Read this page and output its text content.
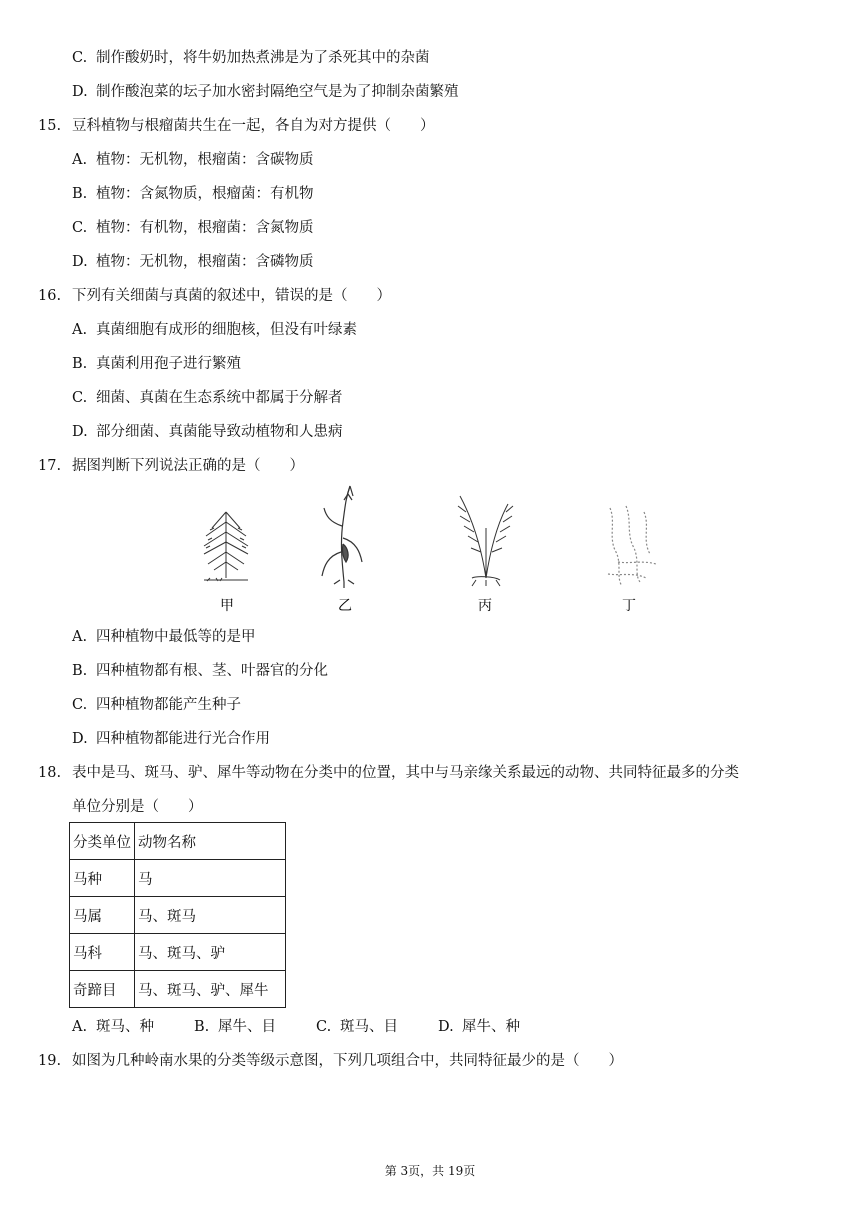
C. 制作酸奶时，将牛奶加热煮沸是为了杀死其中的杂菌
D. 制作酸泡菜的坛子加水密封隔绝空气是为了抑制杂菌繁殖
15. 豆科植物与根瘤菌共生在一起，各自为对方提供（　　）
A. 植物：无机物，根瘤菌：含碳物质
B. 植物：含氮物质，根瘤菌：有机物
C. 植物：有机物，根瘤菌：含氮物质
D. 植物：无机物，根瘤菌：含磷物质
16. 下列有关细菌与真菌的叙述中，错误的是（　　）
A. 真菌细胞有成形的细胞核，但没有叶绿素
B. 真菌利用孢子进行繁殖
C. 细菌、真菌在生态系统中都属于分解者
D. 部分细菌、真菌能导致动植物和人患病
17. 据图判断下列说法正确的是（　　）
甲	乙	丙	丁
A. 四种植物中最低等的是甲
B. 四种植物都有根、茎、叶器官的分化
C. 四种植物都能产生种子
D. 四种植物都能进行光合作用
18. 表中是马、斑马、驴、犀牛等动物在分类中的位置，其中与马亲缘关系最远的动物、共同特征最多的分类
单位分别是（　　）
分类单位	动物名称
马种	马
马属	马、斑马
马科	马、斑马、驴
奇蹄目	马、斑马、驴、犀牛
A. 斑马、种	B. 犀牛、目	C. 斑马、目	D. 犀牛、种
19. 如图为几种岭南水果的分类等级示意图，下列几项组合中，共同特征最少的是（　　）
第 3页，共 19页
